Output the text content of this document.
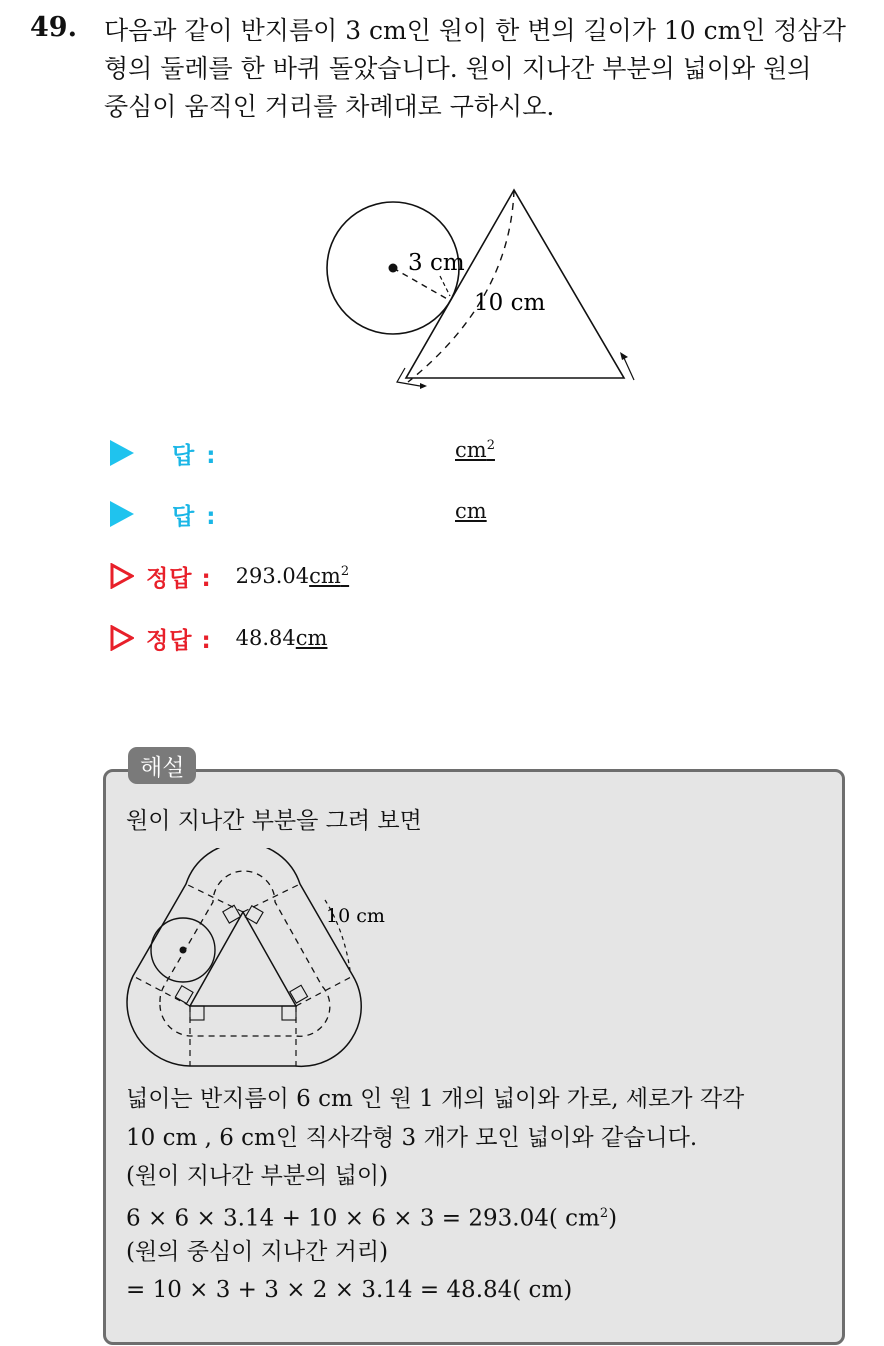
49. 다음과 같이 반지름이 3 cm인 원이 한 변의 길이가 10 cm인 정삼각
형의 둘레를 한 바퀴 돌았습니다. 원이 지나간 부분의 넓이와 원의
중심이 움직인 거리를 차례대로 구하시오.
3 cm
10 cm
답 :	$cm^2$
답 :	cm
정답 : $293.04cm^2$
정답 : 48.84cm
해설
원이 지나간 부분을 그려 보면
10 cm
넓이는 반지름이 6 cm 인 원 1 개의 넓이와 가로, 세로가 각각
10 cm , 6 cm인 직사각형 3 개가 모인 넓이와 같습니다.
(원이 지나간 부분의 넓이)
6 × 6 × 3.14 + 10 × 6 × 3 = 293.04( $cm^2$)
(원의 중심이 지나간 거리)
= 10 × 3 + 3 × 2 × 3.14 = 48.84( cm)
